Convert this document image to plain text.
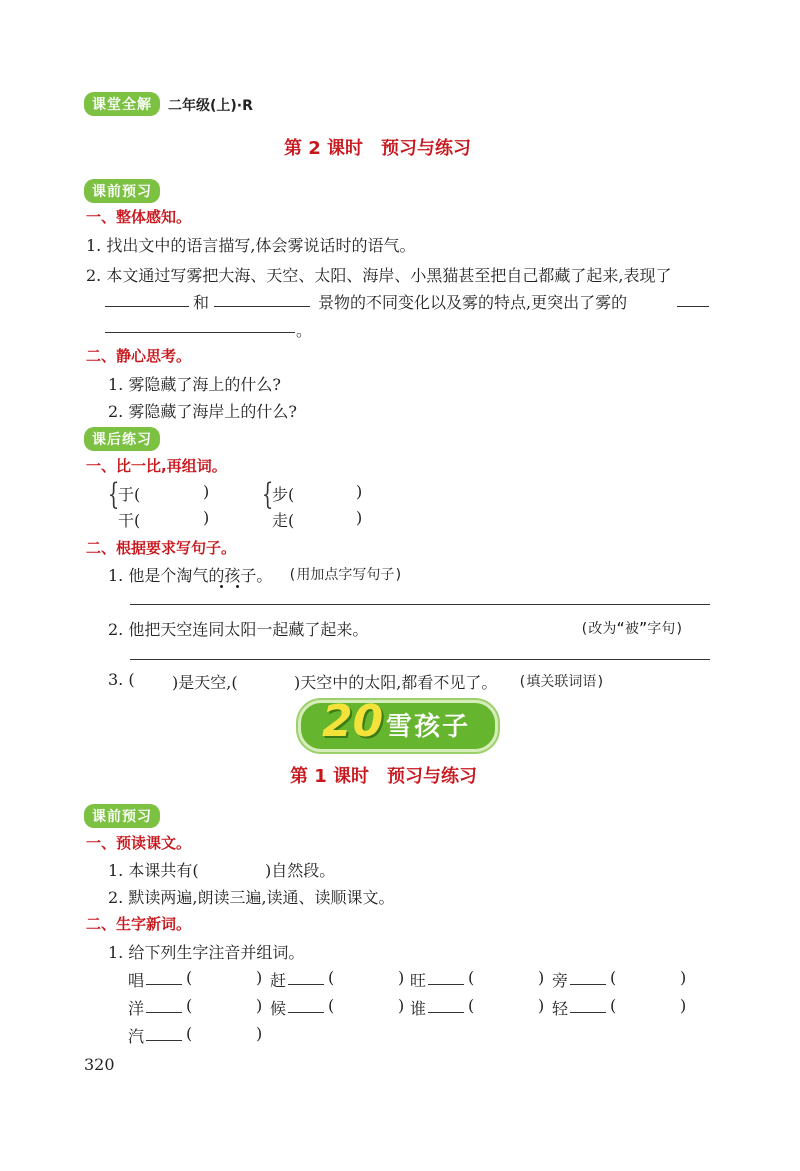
课堂全解	二年级(上)·R
第 2 课时　预习与练习
课前预习
一、整体感知。
1. 找出文中的语言描写,体会雾说话时的语气。
2. 本文通过写雾把大海、天空、太阳、海岸、小黑猫甚至把自己都藏了起来,表现了
和	景物的不同变化以及雾的特点,更突出了雾的
。
二、静心思考。
1. 雾隐藏了海上的什么?
2. 雾隐藏了海岸上的什么?
课后练习
一、比一比,再组词。
{
于(	)
干(	)
{
步(	)
走(	)
二、根据要求写句子。
1. 他是个淘气的孩子。 (用加点字写句子)
2. 他把天空连同太阳一起藏了起来。	(改为“被”字句)
3. ( )是天空,(	)天空中的太阳,都看不见了。 (填关联词语)
20 雪孩子
第 1 课时　预习与练习
课前预习
一、预读课文。
1. 本课共有(	)自然段。
2. 默读两遍,朗读三遍,读通、读顺课文。
二、生字新词。
1. 给下列生字注音并组词。
唱	(	) 赶	(	) 旺	(	) 旁	(	)
洋	(	) 候	(	) 谁	(	) 轻	(	)
汽	(	)
320
